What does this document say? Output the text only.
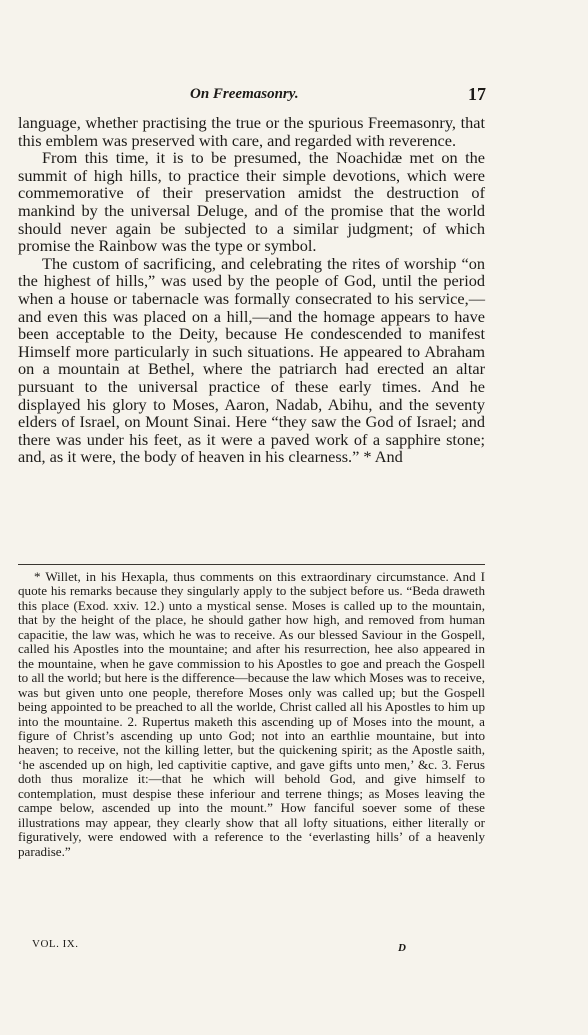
On Freemasonry.	17

language, whether practising the true or the spurious Freemasonry, that this emblem was preserved with care, and regarded with reverence.

From this time, it is to be presumed, the Noachidæ met on the summit of high hills, to practice their simple devotions, which were commemorative of their preservation amidst the destruction of mankind by the universal Deluge, and of the promise that the world should never again be subjected to a similar judgment; of which promise the Rainbow was the type or symbol.

The custom of sacrificing, and celebrating the rites of worship “on the highest of hills,” was used by the people of God, until the period when a house or tabernacle was formally consecrated to his service,—and even this was placed on a hill,—and the homage appears to have been acceptable to the Deity, because He condescended to manifest Himself more particularly in such situations. He appeared to Abraham on a mountain at Bethel, where the patriarch had erected an altar pursuant to the universal practice of these early times. And he displayed his glory to Moses, Aaron, Nadab, Abihu, and the seventy elders of Israel, on Mount Sinai. Here “they saw the God of Israel; and there was under his feet, as it were a paved work of a sapphire stone; and, as it were, the body of heaven in his clearness.” * And

* Willet, in his Hexapla, thus comments on this extraordinary circumstance. And I quote his remarks because they singularly apply to the subject before us. “Beda draweth this place (Exod. xxiv. 12.) unto a mystical sense. Moses is called up to the mountain, that by the height of the place, he should gather how high, and removed from human capacitie, the law was, which he was to receive. As our blessed Saviour in the Gospell, called his Apostles into the mountaine; and after his resurrection, hee also appeared in the mountaine, when he gave commission to his Apostles to goe and preach the Gospell to all the world; but here is the difference—because the law which Moses was to receive, was but given unto one people, therefore Moses only was called up; but the Gospell being appointed to be preached to all the worlde, Christ called all his Apostles to him up into the mountaine. 2. Rupertus maketh this ascending up of Moses into the mount, a figure of Christ’s ascending up unto God; not into an earthlie mountaine, but into heaven; to receive, not the killing letter, but the quickening spirit; as the Apostle saith, ‘he ascended up on high, led captivitie captive, and gave gifts unto men,’ &c. 3. Ferus doth thus moralize it:—that he which will behold God, and give himself to contemplation, must despise these inferiour and terrene things; as Moses leaving the campe below, ascended up into the mount.” How fanciful soever some of these illustrations may appear, they clearly show that all lofty situations, either literally or figuratively, were endowed with a reference to the ‘everlasting hills’ of a heavenly paradise.”

VOL. IX.	D
